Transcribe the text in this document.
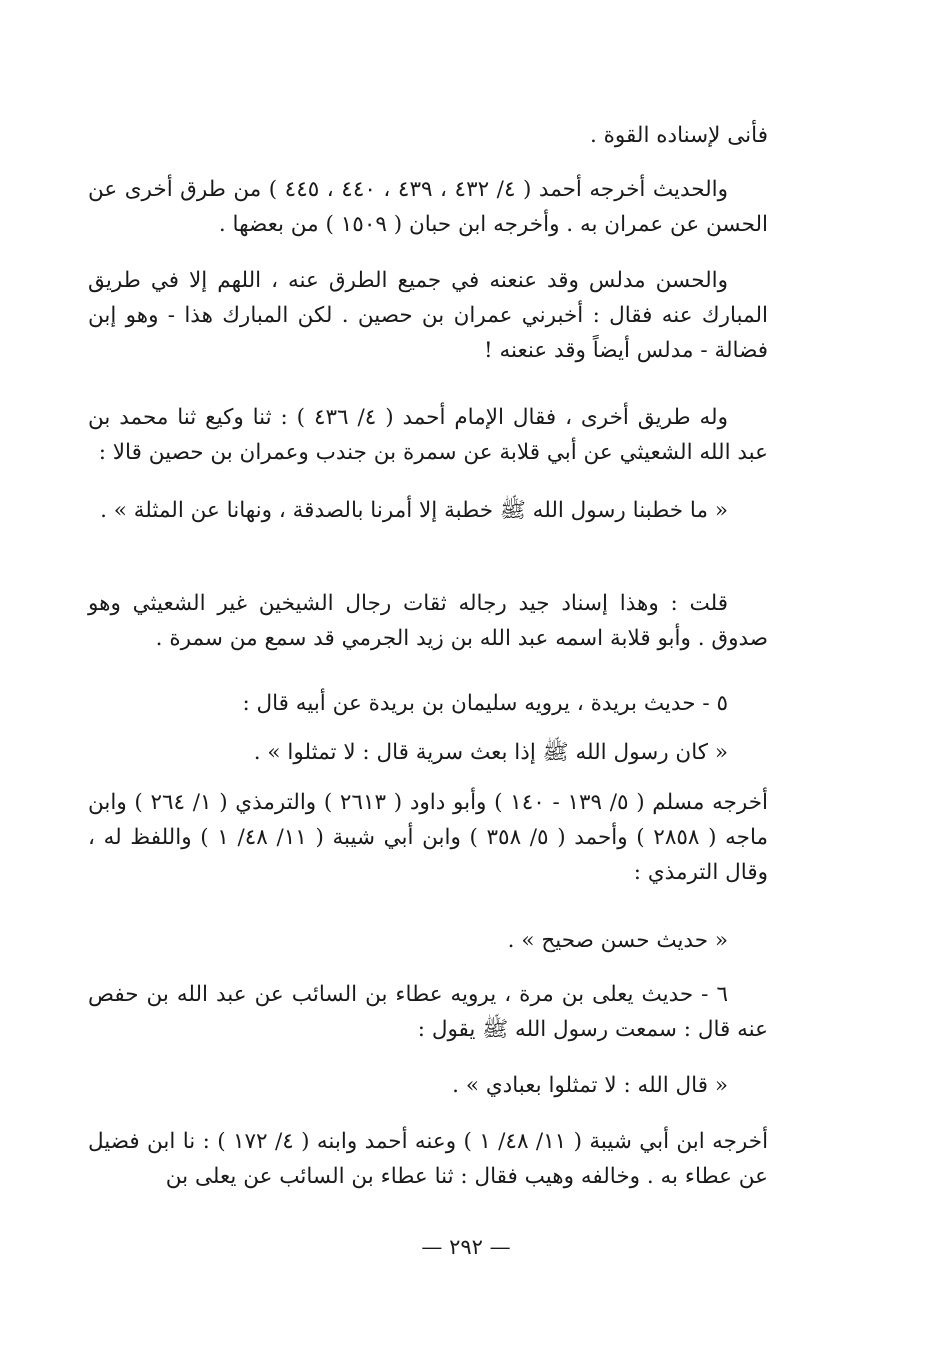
فأنى لإسناده القوة .

والحديث أخرجه أحمد ( ٤/ ٤٣٢ ، ٤٣٩ ، ٤٤٠ ، ٤٤٥ ) من طرق أخرى عن الحسن عن عمران به . وأخرجه ابن حبان ( ١٥٠٩ ) من بعضها .

والحسن مدلس وقد عنعنه في جميع الطرق عنه ، اللهم إلا في طريق المبارك عنه فقال : أخبرني عمران بن حصين . لكن المبارك هذا - وهو إبن فضالة - مدلس أيضاً وقد عنعنه !

وله طريق أخرى ، فقال الإمام أحمد ( ٤/ ٤٣٦ ) : ثنا وكيع ثنا محمد بن عبد الله الشعيثي عن أبي قلابة عن سمرة بن جندب وعمران بن حصين قالا :

« ما خطبنا رسول الله ﷺ خطبة إلا أمرنا بالصدقة ، ونهانا عن المثلة » .

قلت : وهذا إسناد جيد رجاله ثقات رجال الشيخين غير الشعيثي وهو صدوق . وأبو قلابة اسمه عبد الله بن زيد الجرمي قد سمع من سمرة .

٥ - حديث بريدة ، يرويه سليمان بن بريدة عن أبيه قال :

« كان رسول الله ﷺ إذا بعث سرية قال : لا تمثلوا » .

أخرجه مسلم ( ٥/ ١٣٩ - ١٤٠ ) وأبو داود ( ٢٦١٣ ) والترمذي ( ١/ ٢٦٤ ) وابن ماجه ( ٢٨٥٨ ) وأحمد ( ٥/ ٣٥٨ ) وابن أبي شيبة ( ١١/ ٤٨/ ١ ) واللفظ له ، وقال الترمذي :

« حديث حسن صحيح » .

٦ - حديث يعلى بن مرة ، يرويه عطاء بن السائب عن عبد الله بن حفص عنه قال : سمعت رسول الله ﷺ يقول :

« قال الله : لا تمثلوا بعبادي » .

أخرجه ابن أبي شيبة ( ١١/ ٤٨/ ١ ) وعنه أحمد وابنه ( ٤/ ١٧٢ ) : نا ابن فضيل عن عطاء به . وخالفه وهيب فقال : ثنا عطاء بن السائب عن يعلى بن

— ٢٩٢ —
